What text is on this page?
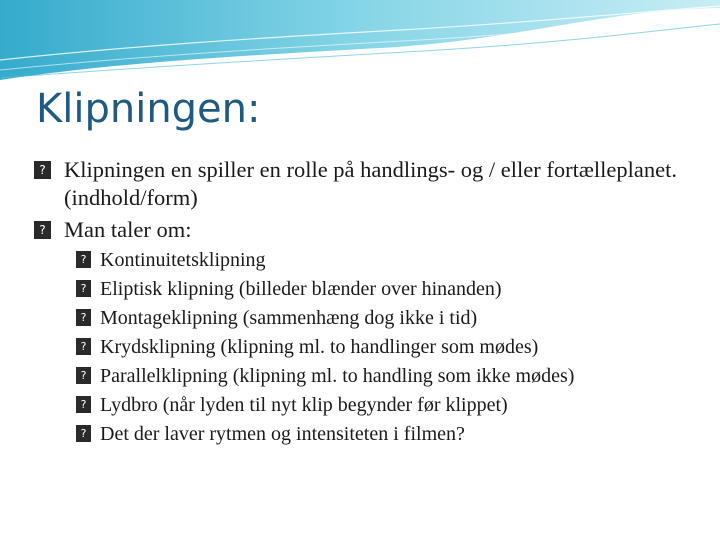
Klipningen:
? Klipningen en spiller en rolle på handlings- og / eller fortælleplanet. (indhold/form)
? Man taler om:
? Kontinuitetsklipning
? Eliptisk klipning (billeder blænder over hinanden)
? Montageklipning (sammenhæng dog ikke i tid)
? Krydsklipning (klipning ml. to handlinger som mødes)
? Parallelklipning (klipning ml. to handling som ikke mødes)
? Lydbro (når lyden til nyt klip begynder før klippet)
? Det der laver rytmen og intensiteten i filmen?
